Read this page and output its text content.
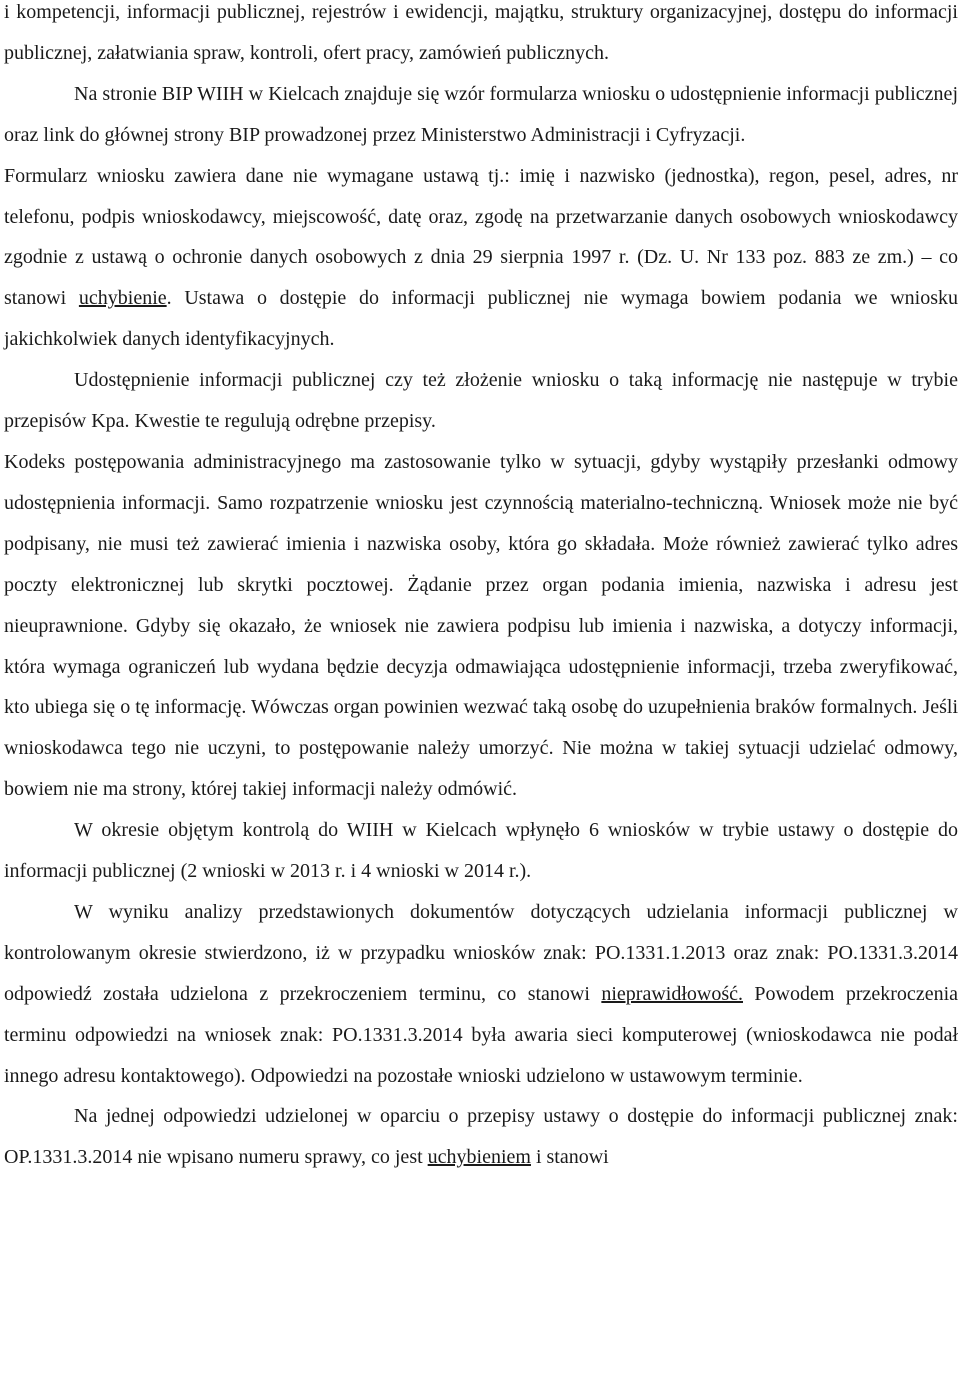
i kompetencji, informacji publicznej, rejestrów i ewidencji, majątku, struktury organizacyjnej, dostępu do informacji publicznej, załatwiania spraw, kontroli, ofert pracy, zamówień publicznych.

Na stronie BIP WIIH w Kielcach znajduje się wzór formularza wniosku o udostępnienie informacji publicznej oraz link do głównej strony BIP prowadzonej przez Ministerstwo Administracji i Cyfryzacji.

Formularz wniosku zawiera dane nie wymagane ustawą tj.: imię i nazwisko (jednostka), regon, pesel, adres, nr telefonu, podpis wnioskodawcy, miejscowość, datę oraz, zgodę na przetwarzanie danych osobowych wnioskodawcy zgodnie z ustawą o ochronie danych osobowych z dnia 29 sierpnia 1997 r. (Dz. U. Nr 133 poz. 883 ze zm.) – co stanowi uchybienie. Ustawa o dostępie do informacji publicznej nie wymaga bowiem podania we wniosku jakichkolwiek danych identyfikacyjnych.

Udostępnienie informacji publicznej czy też złożenie wniosku o taką informację nie następuje w trybie przepisów Kpa. Kwestie te regulują odrębne przepisy.

Kodeks postępowania administracyjnego ma zastosowanie tylko w sytuacji, gdyby wystąpiły przesłanki odmowy udostępnienia informacji. Samo rozpatrzenie wniosku jest czynnością materialno-techniczną. Wniosek może nie być podpisany, nie musi też zawierać imienia i nazwiska osoby, która go składała. Może również zawierać tylko adres poczty elektronicznej lub skrytki pocztowej. Żądanie przez organ podania imienia, nazwiska i adresu jest nieuprawnione. Gdyby się okazało, że wniosek nie zawiera podpisu lub imienia i nazwiska, a dotyczy informacji, która wymaga ograniczeń lub wydana będzie decyzja odmawiająca udostępnienie informacji, trzeba zweryfikować, kto ubiega się o tę informację. Wówczas organ powinien wezwać taką osobę do uzupełnienia braków formalnych. Jeśli wnioskodawca tego nie uczyni, to postępowanie należy umorzyć. Nie można w takiej sytuacji udzielać odmowy, bowiem nie ma strony, której takiej informacji należy odmówić.

W okresie objętym kontrolą do WIIH w Kielcach wpłynęło 6 wniosków w trybie ustawy o dostępie do informacji publicznej (2 wnioski w 2013 r. i 4 wnioski w 2014 r.).

W wyniku analizy przedstawionych dokumentów dotyczących udzielania informacji publicznej w kontrolowanym okresie stwierdzono, iż w przypadku wniosków znak: PO.1331.1.2013 oraz znak: PO.1331.3.2014 odpowiedź została udzielona z przekroczeniem terminu, co stanowi nieprawidłowość. Powodem przekroczenia terminu odpowiedzi na wniosek znak: PO.1331.3.2014 była awaria sieci komputerowej (wnioskodawca nie podał innego adresu kontaktowego). Odpowiedzi na pozostałe wnioski udzielono w ustawowym terminie.

Na jednej odpowiedzi udzielonej w oparciu o przepisy ustawy o dostępie do informacji publicznej znak: OP.1331.3.2014 nie wpisano numeru sprawy, co jest uchybieniem i stanowi
